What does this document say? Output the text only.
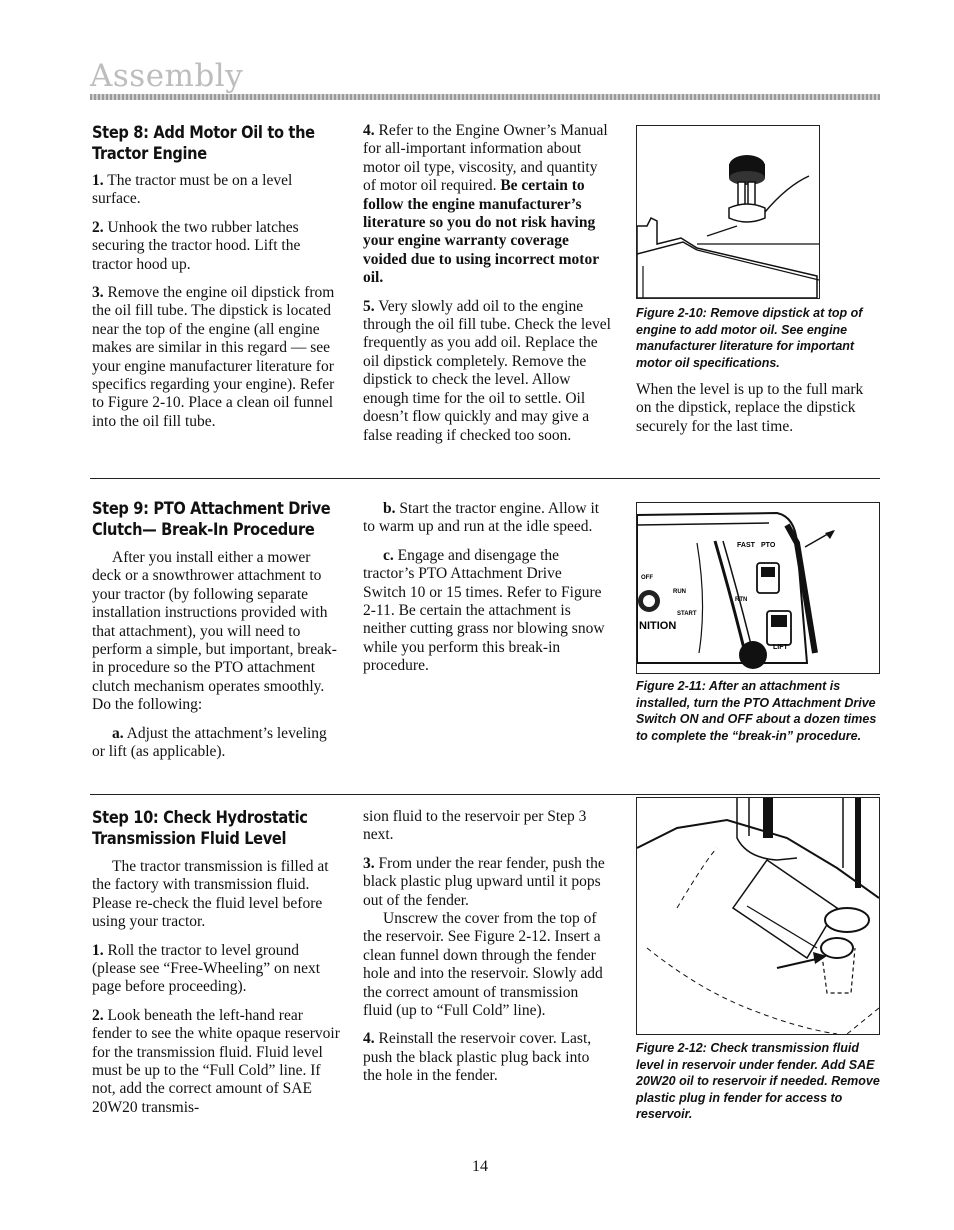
Assembly
Step 8: Add Motor Oil to the Tractor Engine

1. The tractor must be on a level surface.

2. Unhook the two rubber latches securing the tractor hood. Lift the tractor hood up.

3. Remove the engine oil dipstick from the oil fill tube. The dipstick is located near the top of the engine (all engine makes are similar in this regard — see your engine manufacturer literature for specifics regarding your engine). Refer to Figure 2-10. Place a clean oil funnel into the oil fill tube.

4. Refer to the Engine Owner’s Manual for all-important information about motor oil type, viscosity, and quantity of motor oil required. Be certain to follow the engine manufacturer’s literature so you do not risk having your engine warranty coverage voided due to using incorrect motor oil.

5. Very slowly add oil to the engine through the oil fill tube. Check the level frequently as you add oil. Replace the oil dipstick completely. Remove the dipstick to check the level. Allow enough time for the oil to settle. Oil doesn’t flow quickly and may give a false reading if checked too soon.

Figure 2-10: Remove dipstick at top of engine to add motor oil. See engine manufacturer literature for important motor oil specifications.
When the level is up to the full mark on the dipstick, replace the dipstick securely for the last time.
Step 9: PTO Attachment Drive Clutch— Break-In Procedure

After you install either a mower deck or a snowthrower attachment to your tractor (by following separate installation instructions provided with that attachment), you will need to perform a simple, but important, break-in procedure so the PTO attachment clutch mechanism operates smoothly. Do the following:

a. Adjust the attachment’s leveling or lift (as applicable).

b. Start the tractor engine. Allow it to warm up and run at the idle speed.

c. Engage and disengage the tractor’s PTO Attachment Drive Switch 10 or 15 times. Refer to Figure 2-11. Be certain the attachment is neither cutting grass nor blowing snow while you perform this break-in procedure.

FAST PTO
OFF
RUN
START
NITION
RTN
LIFT
Figure 2-11: After an attachment is installed, turn the PTO Attachment Drive Switch ON and OFF about a dozen times to complete the “break-in” procedure.
Step 10: Check Hydrostatic Transmission Fluid Level

The tractor transmission is filled at the factory with transmission fluid. Please re-check the fluid level before using your tractor.

1. Roll the tractor to level ground (please see “Free-Wheeling” on next page before proceeding).

2. Look beneath the left-hand rear fender to see the white opaque reservoir for the transmission fluid. Fluid level must be up to the “Full Cold” line. If not, add the correct amount of SAE 20W20 transmis-

sion fluid to the reservoir per Step 3 next.

3. From under the rear fender, push the black plastic plug upward until it pops out of the fender.

Unscrew the cover from the top of the reservoir. See Figure 2-12. Insert a clean funnel down through the fender hole and into the reservoir. Slowly add the correct amount of transmission fluid (up to “Full Cold” line).

4. Reinstall the reservoir cover. Last, push the black plastic plug back into the hole in the fender.

Figure 2-12: Check transmission fluid level in reservoir under fender. Add SAE 20W20 oil to reservoir if needed. Remove plastic plug in fender for access to reservoir.
14
